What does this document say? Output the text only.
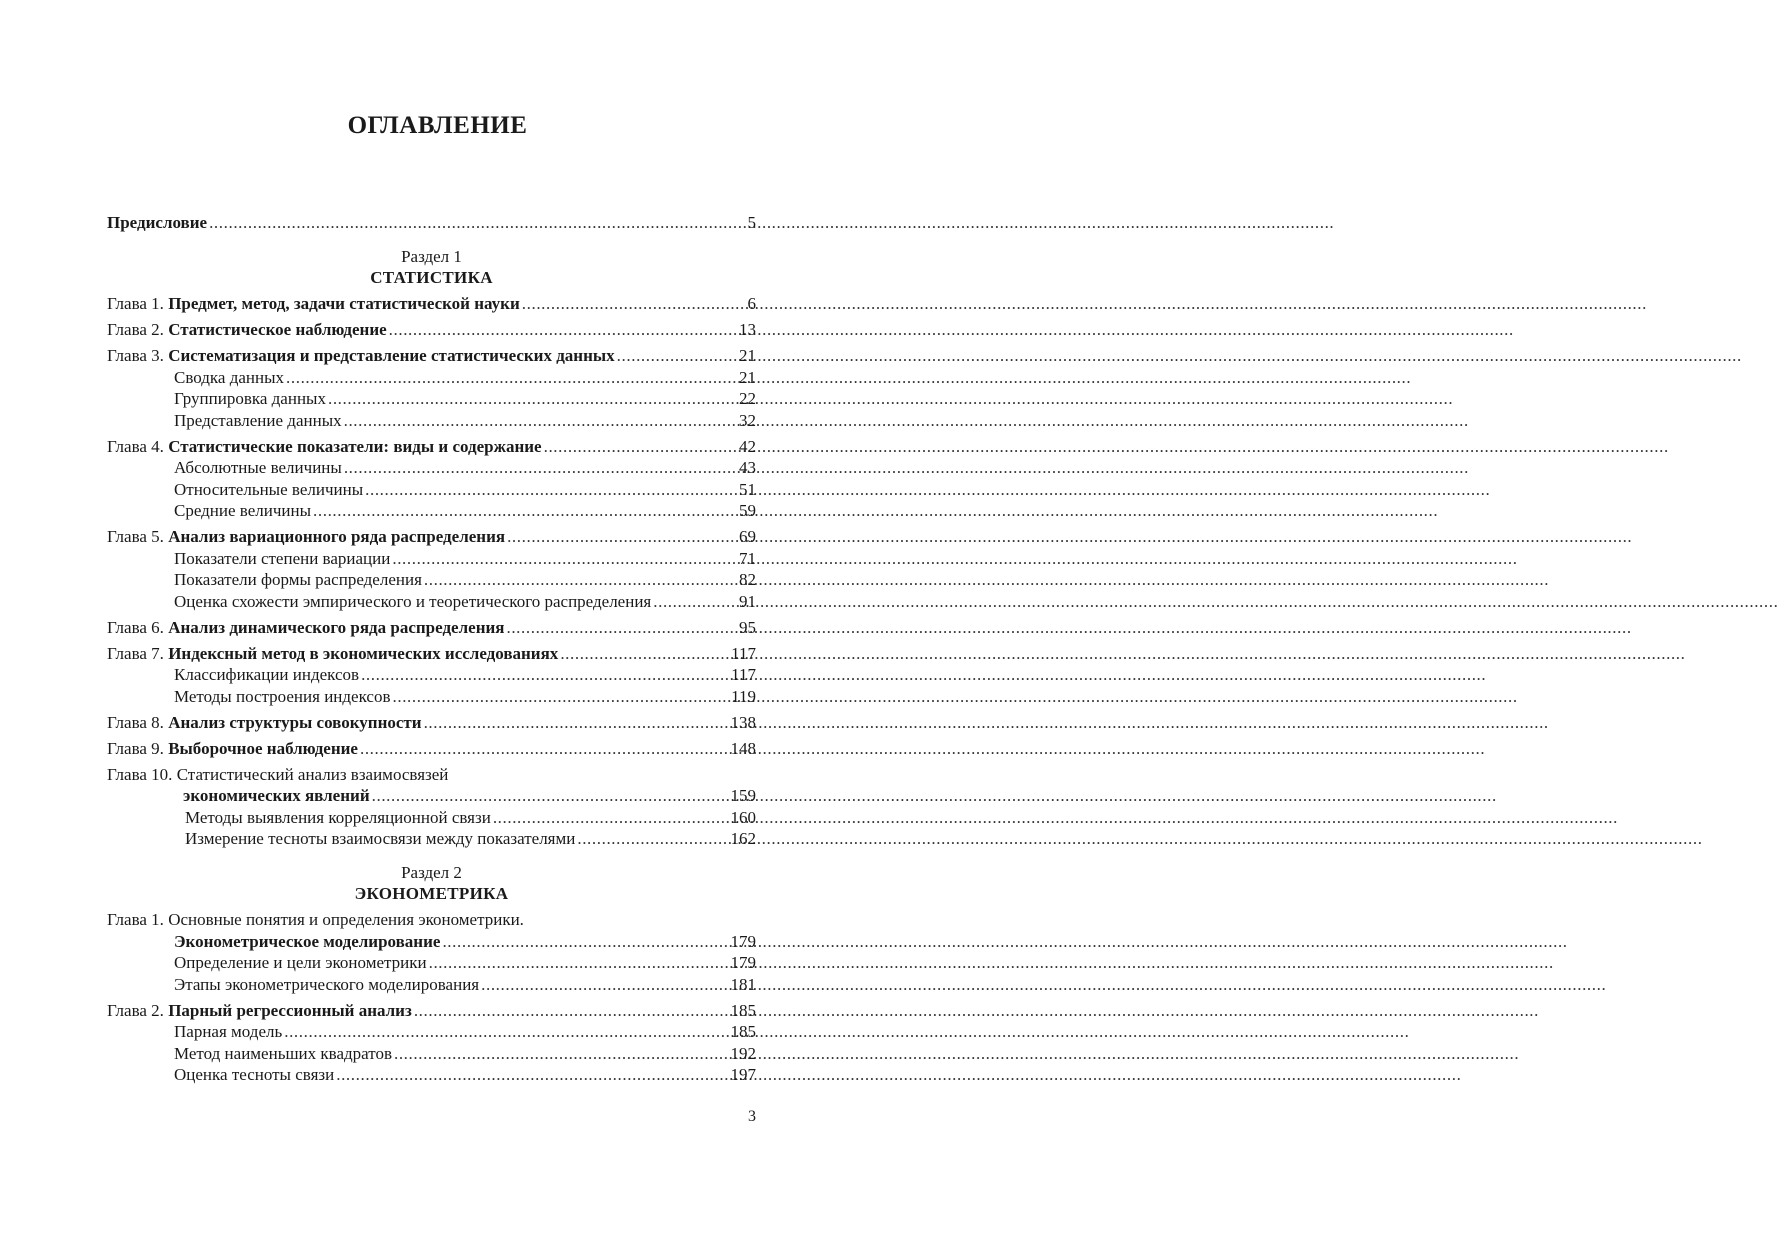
ОГЛАВЛЕНИЕ
Предисловие .....	5
Раздел 1
СТАТИСТИКА
Глава 1. Предмет, метод, задачи статистической науки .....	6
Глава 2. Статистическое наблюдение .....	13
Глава 3. Систематизация и представление статистических данных .....	21
Сводка данных .....	21
Группировка данных .....	22
Представление данных .....	32
Глава 4. Статистические показатели: виды и содержание .....	42
Абсолютные величины .....	43
Относительные величины .....	51
Средние величины .....	59
Глава 5. Анализ вариационного ряда распределения .....	69
Показатели степени вариации .....	71
Показатели формы распределения .....	82
Оценка схожести эмпирического и теоретического распределения .....	91
Глава 6. Анализ динамического ряда распределения .....	95
Глава 7. Индексный метод в экономических исследованиях .....	117
Классификации индексов .....	117
Методы построения индексов .....	119
Глава 8. Анализ структуры совокупности .....	138
Глава 9. Выборочное наблюдение .....	148
Глава 10. Статистический анализ взаимосвязей
экономических явлений .....	159
Методы выявления корреляционной связи .....	160
Измерение тесноты взаимосвязи между показателями .....	162
Раздел 2
ЭКОНОМЕТРИКА
Глава 1. Основные понятия и определения эконометрики.
Эконометрическое моделирование .....	179
Определение и цели эконометрики .....	179
Этапы эконометрического моделирования .....	181
Глава 2. Парный регрессионный анализ .....	185
Парная модель .....	185
Метод наименьших квадратов .....	192
Оценка тесноты связи .....	197
3
